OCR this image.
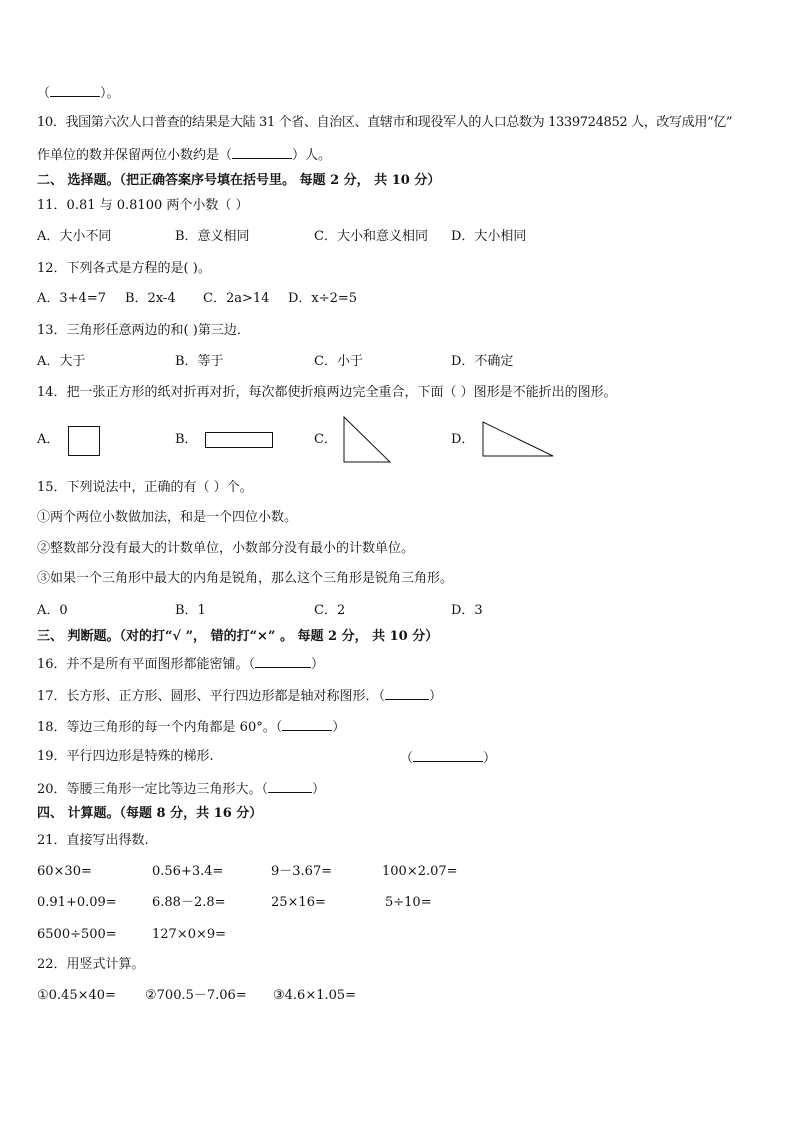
（	）。
10．我国第六次人口普查的结果是大陆 31 个省、自治区、直辖市和现役军人的人口总数为 1339724852 人，改写成用“亿”
作单位的数并保留两位小数约是（	）人。
二、 选择题。（把正确答案序号填在括号里。 每题 2 分， 共 10 分）
11．0.81 与 0.8100 两个小数（ ）
A．大小不同	B．意义相同	C．大小和意义相同 D．大小相同
12．下列各式是方程的是( )。
A．3+4=7 B．2x-4 C．2a>14 D．x÷2=5
13．三角形任意两边的和( )第三边．
A．大于	B．等于	C．小于	D．不确定
14．把一张正方形的纸对折再对折，每次都使折痕两边完全重合，下面（ ）图形是不能折出的图形。
A．	B．	C．	D．
15．下列说法中，正确的有（ ）个。
①两个两位小数做加法，和是一个四位小数。
②整数部分没有最大的计数单位，小数部分没有最小的计数单位。
③如果一个三角形中最大的内角是锐角，那么这个三角形是锐角三角形。
A．0	B．1	C．2	D．3
三、 判断题。（对的打“√ ”， 错的打“×” 。 每题 2 分， 共 10 分）
16．并不是所有平面图形都能密铺。（	）
17．长方形、正方形、圆形、平行四边形都是轴对称图形．（	）
18．等边三角形的每一个内角都是 60°。（	）
19．平行四边形是特殊的梯形.	（	）
20．等腰三角形一定比等边三角形大。（	）
四、 计算题。（每题 8 分，共 16 分）
21．直接写出得数.
60×30=	0.56+3.4=	9－3.67=	100×2.07=
0.91+0.09=	6.88－2.8=	25×16=	5÷10=
6500÷500=	127×0×9=
22．用竖式计算。
①0.45×40= ②700.5－7.06= ③4.6×1.05=
